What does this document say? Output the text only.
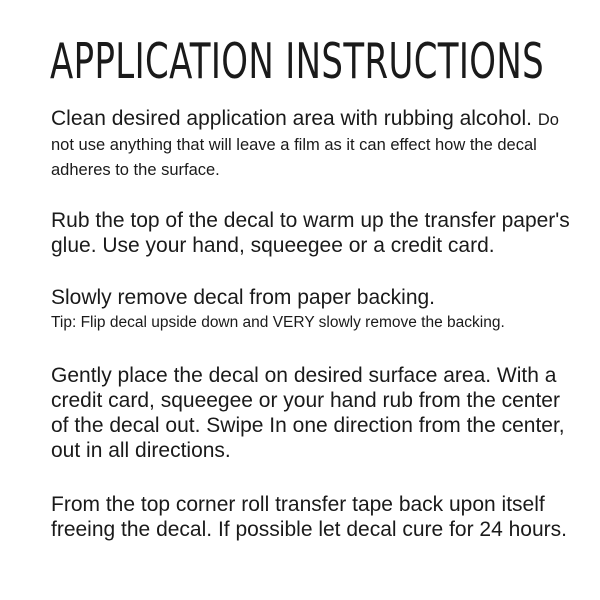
APPLICATION INSTRUCTIONS

Clean desired application area with rubbing alcohol. Do not use anything that will leave a film as it can effect how the decal adheres to the surface.

Rub the top of the decal to warm up the transfer paper's glue. Use your hand, squeegee or a credit card.

Slowly remove decal from paper backing.
Tip: Flip decal upside down and VERY slowly remove the backing.

Gently place the decal on desired surface area. With a credit card, squeegee or your hand rub from the center of the decal out. Swipe In one direction from the center, out in all directions.

From the top corner roll transfer tape back upon itself freeing the decal. If possible let decal cure for 24 hours.
